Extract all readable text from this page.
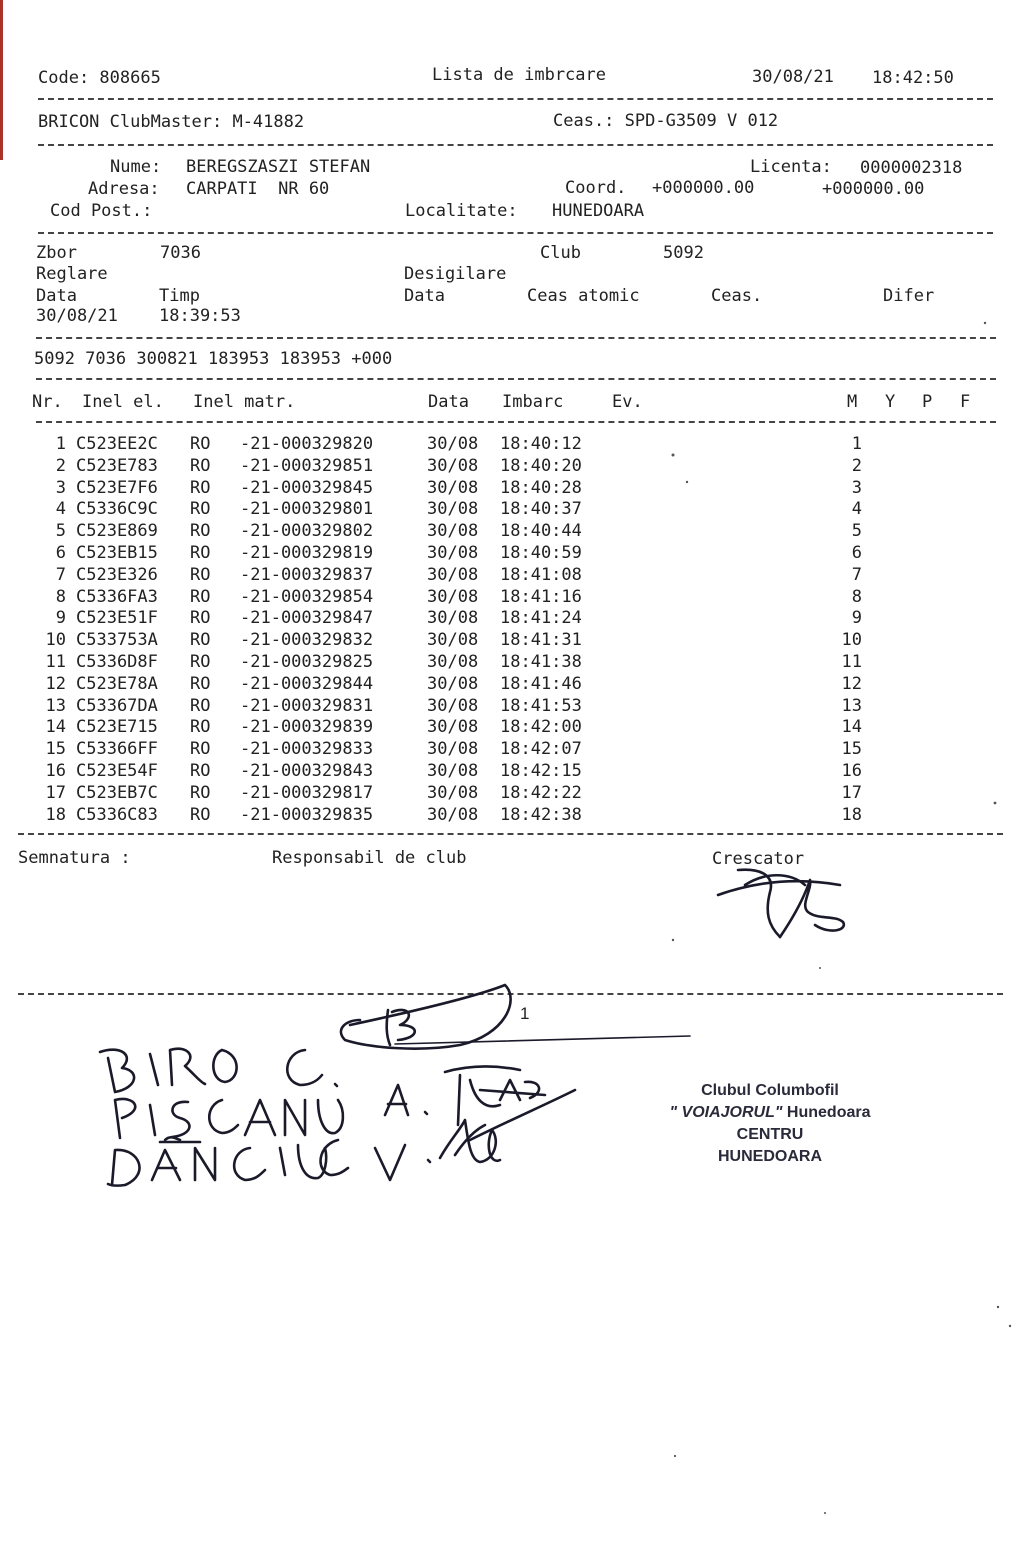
Code: 808665	Lista de imbrcare	30/08/21 18:42:50
BRICON ClubMaster: M-41882	Ceas.: SPD-G3509 V 012
Nume: BEREGSZASZI STEFAN	Licenta: 0000002318
Adresa: CARPATI  NR 60	Coord. +000000.00	+000000.00
Cod Post.:	Localitate: HUNEDOARA
Zbor	7036	Club	5092
Reglare	Desigilare
Data	Timp	Data	Ceas atomic	Ceas.	Difer
30/08/21 18:39:53
5092 7036 300821 183953 183953 +000
Nr. Inel el. Inel matr.	Data Imbarc	Ev.	M Y P F
1 C523EE2C RO -21-000329820	30/08 18:40:12	1
2 C523E783 RO -21-000329851	30/08 18:40:20	2
3 C523E7F6 RO -21-000329845	30/08 18:40:28	3
4 C5336C9C RO -21-000329801	30/08 18:40:37	4
5 C523E869 RO -21-000329802	30/08 18:40:44	5
6 C523EB15 RO -21-000329819	30/08 18:40:59	6
7 C523E326 RO -21-000329837	30/08 18:41:08	7
8 C5336FA3 RO -21-000329854	30/08 18:41:16	8
9 C523E51F RO -21-000329847	30/08 18:41:24	9
10 C533753A RO -21-000329832	30/08 18:41:31	10
11 C5336D8F RO -21-000329825	30/08 18:41:38	11
12 C523E78A RO -21-000329844	30/08 18:41:46	12
13 C53367DA RO -21-000329831	30/08 18:41:53	13
14 C523E715 RO -21-000329839	30/08 18:42:00	14
15 C53366FF RO -21-000329833	30/08 18:42:07	15
16 C523E54F RO -21-000329843	30/08 18:42:15	16
17 C523EB7C RO -21-000329817	30/08 18:42:22	17
18 C5336C83 RO -21-000329835	30/08 18:42:38	18
Semnatura :	Responsabil de club	Crescator
1
Clubul Columbofil
" VOIAJORUL" Hunedoara
CENTRU
HUNEDOARA
